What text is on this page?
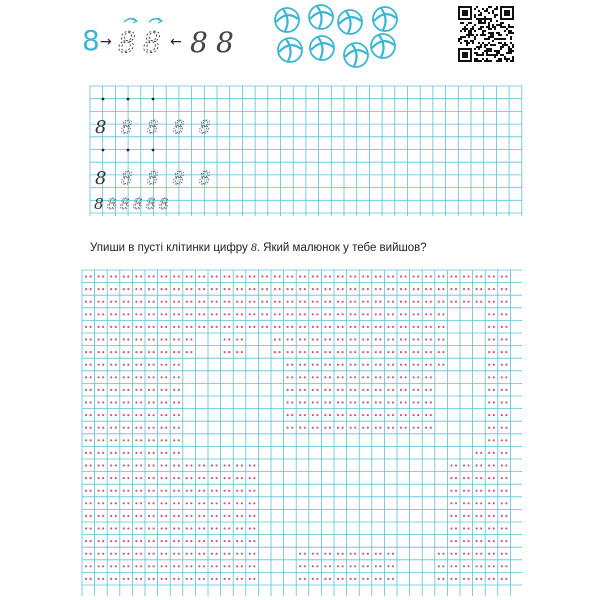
8 → 8 8 ← 8 8
8 8 8 8 8
8 8 8 8 8
8 8 8 8 8 8
Упиши в пусті клітинки цифру 8. Який малюнок у тебе вийшов?
